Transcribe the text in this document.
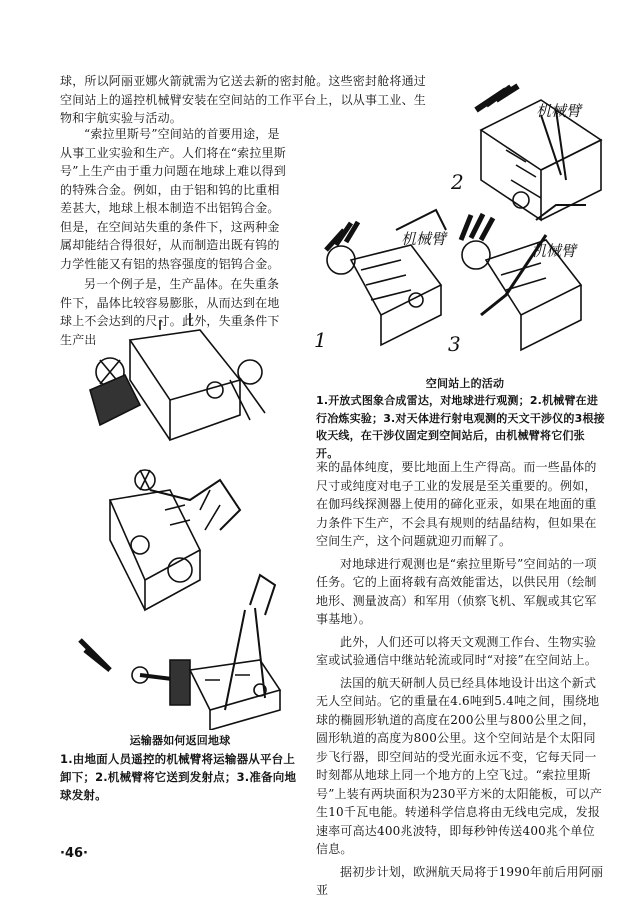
球，所以阿丽亚娜火箭就需为它送去新的密封舱。这些密封舱将通过空间站上的遥控机械臂安装在空间站的工作平台上，以从事工业、生物和宇航实验与活动。

“索拉里斯号”空间站的首要用途，是从事工业实验和生产。人们将在“索拉里斯号”上生产由于重力问题在地球上难以得到的特殊合金。例如，由于铝和钨的比重相差甚大，地球上根本制造不出铝钨合金。但是，在空间站失重的条件下，这两种金属却能结合得很好，从而制造出既有钨的力学性能又有铝的热容强度的铝钨合金。

另一个例子是，生产晶体。在失重条件下，晶体比较容易膨胀，从而达到在地球上不会达到的尺寸。此外，失重条件下生产出

机械臂
机械臂
机械臂
1
2
3
空间站上的活动
1.开放式图象合成雷达，对地球进行观测；2.机械臂在进行冶炼实验；3.对天体进行射电观测的天文干涉仪的3根接收天线，在干涉仪固定到空间站后，由机械臂将它们张开。
来的晶体纯度，要比地面上生产得高。而一些晶体的尺寸或纯度对电子工业的发展是至关重要的。例如，在伽玛线探测器上使用的碲化亚汞，如果在地面的重力条件下生产，不会具有规则的结晶结构，但如果在空间生产，这个问题就迎刃而解了。

对地球进行观测也是“索拉里斯号”空间站的一项任务。它的上面将载有高效能雷达，以供民用（绘制地形、测量波高）和军用（侦察飞机、军舰或其它军事基地）。

此外，人们还可以将天文观测工作台、生物实验室或试验通信中继站轮流或同时“对接”在空间站上。

法国的航天研制人员已经具体地设计出这个新式无人空间站。它的重量在4.6吨到5.4吨之间，围绕地球的椭圆形轨道的高度在200公里与800公里之间，圆形轨道的高度为800公里。这个空间站是个太阳同步飞行器，即空间站的受光面永远不变，它每天同一时刻都从地球上同一个地方的上空飞过。“索拉里斯号”上装有两块面积为230平方米的太阳能板，可以产生10千瓦电能。转递科学信息将由无线电完成，发报速率可高达400兆波特，即每秒钟传送400兆个单位信息。

据初步计划，欧洲航天局将于1990年前后用阿丽亚

运输器如何返回地球
1.由地面人员遥控的机械臂将运输器从平台上卸下；2.机械臂将它送到发射点；3.准备向地球发射。
·46·
